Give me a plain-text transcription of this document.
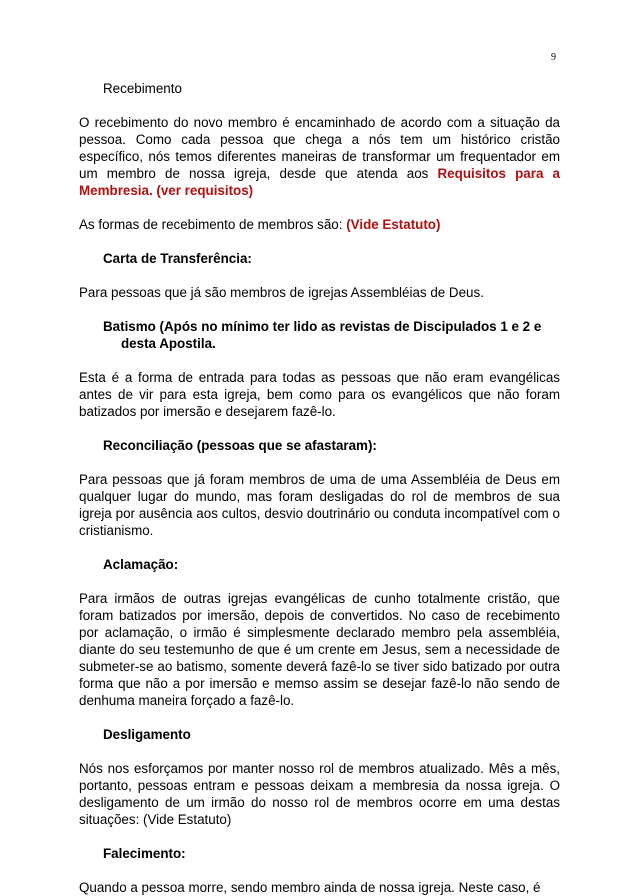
9
Recebimento
O recebimento do novo membro é encaminhado de acordo com a situação da pessoa. Como cada pessoa que chega a nós tem um histórico cristão específico, nós temos diferentes maneiras de transformar um frequentador em um membro de nossa igreja, desde que atenda aos Requisitos para a Membresia. (ver requisitos)
As formas de recebimento de membros são: (Vide Estatuto)
Carta de Transferência:
Para pessoas que já são membros de igrejas Assembléias de Deus.
Batismo (Após no mínimo ter lido as revistas de Discipulados 1 e 2 e desta Apostila.
Esta é a forma de entrada para todas as pessoas que não eram evangélicas antes de vir para esta igreja, bem como para os evangélicos que não foram batizados por imersão e desejarem fazê-lo.
Reconciliação (pessoas que se afastaram):
Para pessoas que já foram membros de uma de uma Assembléia de Deus em qualquer lugar do mundo, mas foram desligadas do rol de membros de sua igreja por ausência aos cultos, desvio doutrinário ou conduta incompatível com o cristianismo.
Aclamação:
Para irmãos de outras igrejas evangélicas de cunho totalmente cristão, que foram batizados por imersão, depois de convertidos. No caso de recebimento por aclamação, o irmão é simplesmente declarado membro pela assembléia, diante do seu testemunho de que é um crente em Jesus, sem a necessidade de submeter-se ao batismo, somente deverá fazê-lo se tiver sido batizado por outra forma que não a por imersão e memso assim se desejar fazê-lo não sendo de denhuma maneira forçado a fazê-lo.
Desligamento
Nós nos esforçamos por manter nosso rol de membros atualizado. Mês a mês, portanto, pessoas entram e pessoas deixam a membresia da nossa igreja. O desligamento de um irmão do nosso rol de membros ocorre em uma destas situações: (Vide Estatuto)
Falecimento:
Quando a pessoa morre, sendo membro ainda de nossa igreja. Neste caso, é
